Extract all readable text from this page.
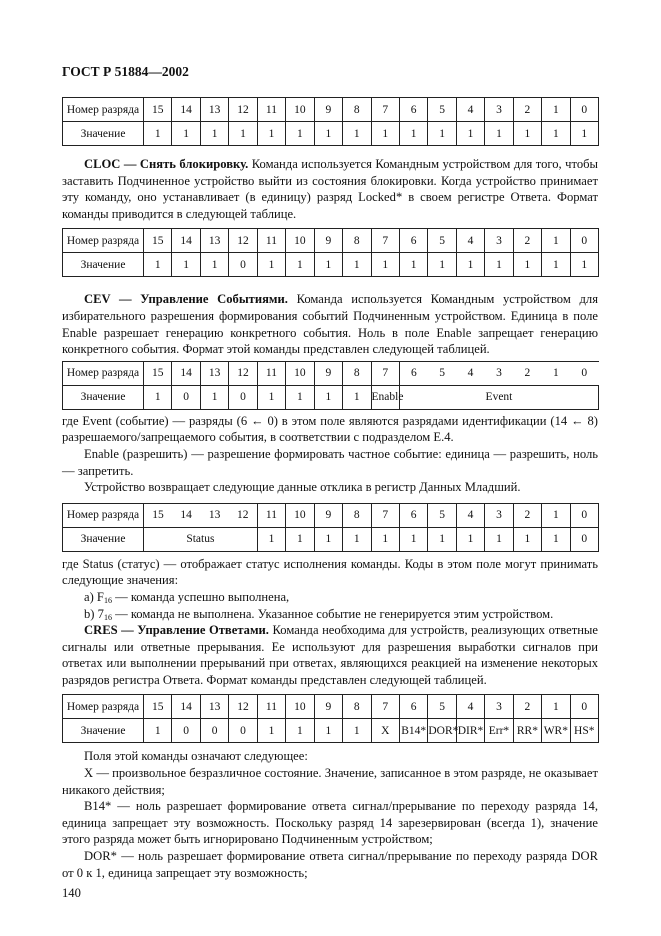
ГОСТ Р 51884—2002
Номер разряда	15	14	13	12	11	10	9	8	7	6	5	4	3	2	1	0
Значение	1	1	1	1	1	1	1	1	1	1	1	1	1	1	1	1

CLOC — Снять блокировку. Команда используется Командным устройством для того, чтобы заставить Подчиненное устройство выйти из состояния блокировки. Когда устройство принимает эту команду, оно устанавливает (в единицу) разряд Locked* в своем регистре Ответа. Формат команды приводится в следующей таблице.

Номер разряда	15	14	13	12	11	10	9	8	7	6	5	4	3	2	1	0
Значение	1	1	1	0	1	1	1	1	1	1	1	1	1	1	1	1

CEV — Управление Событиями. Команда используется Командным устройством для избирательного разрешения формирования событий Подчиненным устройством. Единица в поле Enable разрешает генерацию конкретного события. Ноль в поле Enable запрещает генерацию конкретного события. Формат этой команды представлен следующей таблицей.

Номер разряда	15	14	13	12	11	10	9	8	7	6	5	4	3	2	1	0
Значение	1	0	1	0	1	1	1	1	Enable	Event						

где Event (событие) — разряды (6 ← 0) в этом поле являются разрядами идентификации (14 ← 8) разрешаемого/запрещаемого события, в соответствии с подразделом Е.4.

Enable (разрешить) — разрешение формировать частное событие: единица — разрешить, ноль — запретить.

Устройство возвращает следующие данные отклика в регистр Данных Младший.

Номер разряда	15	14	13	12	11	10	9	8	7	6	5	4	3	2	1	0
Значение	Status				1	1	1	1	1	1	1	1	1	1	1	0

где Status (статус) — отображает статус исполнения команды. Коды в этом поле могут принимать следующие значения:

a) $F_{16}$ — команда успешно выполнена,

b) $7_{16}$ — команда не выполнена. Указанное событие не генерируется этим устройством.

CRES — Управление Ответами. Команда необходима для устройств, реализующих ответные сигналы или ответные прерывания. Ее используют для разрешения выработки сигналов при ответах или выполнении прерываний при ответах, являющихся реакцией на изменение некоторых разрядов регистра Ответа. Формат команды представлен следующей таблицей.

Номер разряда	15	14	13	12	11	10	9	8	7	6	5	4	3	2	1	0
Значение	1	0	0	0	1	1	1	1	X	B14*	DOR*	DIR*	Err*	RR*	WR*	HS*

Поля этой команды означают следующее:

X — произвольное безразличное состояние. Значение, записанное в этом разряде, не оказывает никакого действия;

B14* — ноль разрешает формирование ответа сигнал/прерывание по переходу разряда 14, единица запрещает эту возможность. Поскольку разряд 14 зарезервирован (всегда 1), значение этого разряда может быть игнорировано Подчиненным устройством;

DOR* — ноль разрешает формирование ответа сигнал/прерывание по переходу разряда DOR от 0 к 1, единица запрещает эту возможность;

140
